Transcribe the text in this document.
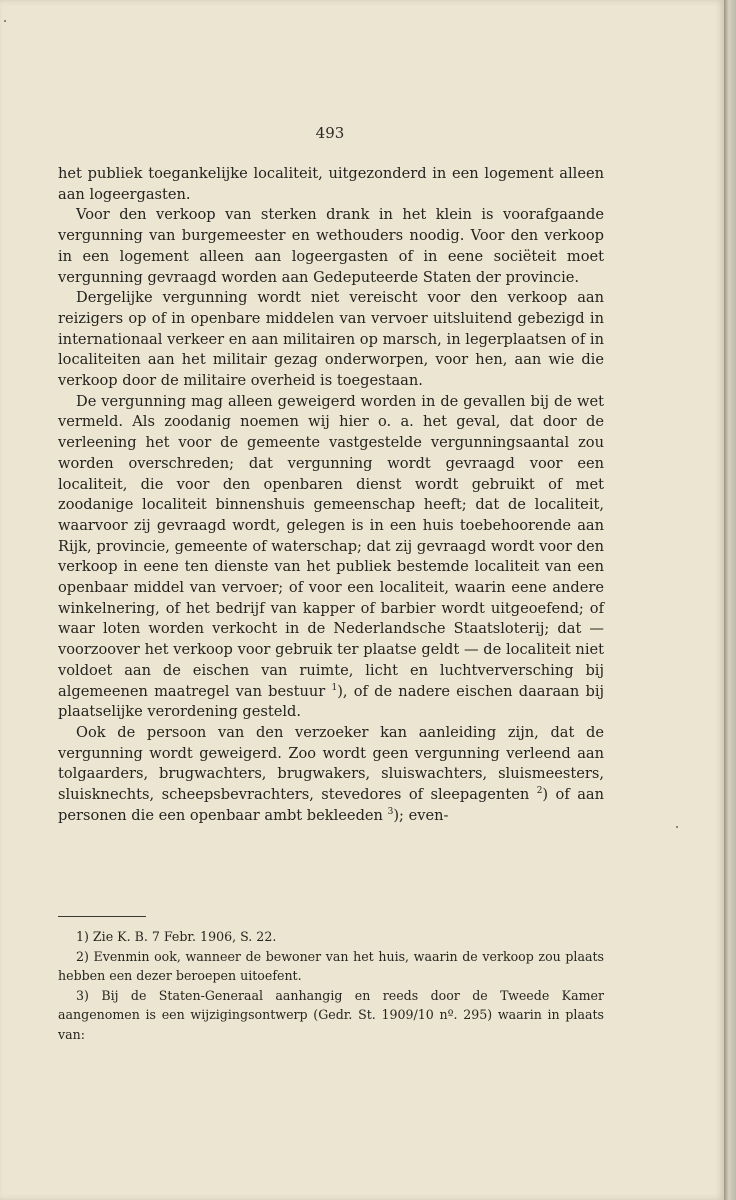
493

het publiek toegankelijke localiteit, uitgezonderd in een logement alleen aan logeergasten.

Voor den verkoop van sterken drank in het klein is voorafgaande vergunning van burgemeester en wethouders noodig. Voor den verkoop in een logement alleen aan logeergasten of in eene sociëteit moet vergunning gevraagd worden aan Gedeputeerde Staten der provincie.

Dergelijke vergunning wordt niet vereischt voor den verkoop aan reizigers op of in openbare middelen van vervoer uitsluitend gebezigd in internationaal verkeer en aan militairen op marsch, in legerplaatsen of in localiteiten aan het militair gezag onderworpen, voor hen, aan wie die verkoop door de militaire overheid is toegestaan.

De vergunning mag alleen geweigerd worden in de gevallen bij de wet vermeld. Als zoodanig noemen wij hier o. a. het geval, dat door de verleening het voor de gemeente vastgestelde vergunningsaantal zou worden overschreden; dat vergunning wordt gevraagd voor een localiteit, die voor den openbaren dienst wordt gebruikt of met zoodanige localiteit binnenshuis gemeenschap heeft; dat de localiteit, waarvoor zij gevraagd wordt, gelegen is in een huis toebehoorende aan Rijk, provincie, gemeente of waterschap; dat zij gevraagd wordt voor den verkoop in eene ten dienste van het publiek bestemde localiteit van een openbaar middel van vervoer; of voor een localiteit, waarin eene andere winkelnering, of het bedrijf van kapper of barbier wordt uitgeoefend; of waar loten worden verkocht in de Nederlandsche Staatsloterij; dat — voorzoover het verkoop voor gebruik ter plaatse geldt — de localiteit niet voldoet aan de eischen van ruimte, licht en luchtverversching bij algemeenen maatregel van bestuur $^1$), of de nadere eischen daaraan bij plaatselijke verordening gesteld.

Ook de persoon van den verzoeker kan aanleiding zijn, dat de vergunning wordt geweigerd. Zoo wordt geen vergunning verleend aan tolgaarders, brugwachters, brugwakers, sluiswachters, sluismeesters, sluisknechts, scheepsbevrachters, stevedores of sleepagenten $^2$) of aan personen die een openbaar ambt bekleeden $^3$); even-

1) Zie K. B. 7 Febr. 1906, S. 22.

2) Evenmin ook, wanneer de bewoner van het huis, waarin de verkoop zou plaats hebben een dezer beroepen uitoefent.

3) Bij de Staten-Generaal aanhangig en reeds door de Tweede Kamer aangenomen is een wijzigingsontwerp (Gedr. St. 1909/10 nº. 295) waarin in plaats van:
